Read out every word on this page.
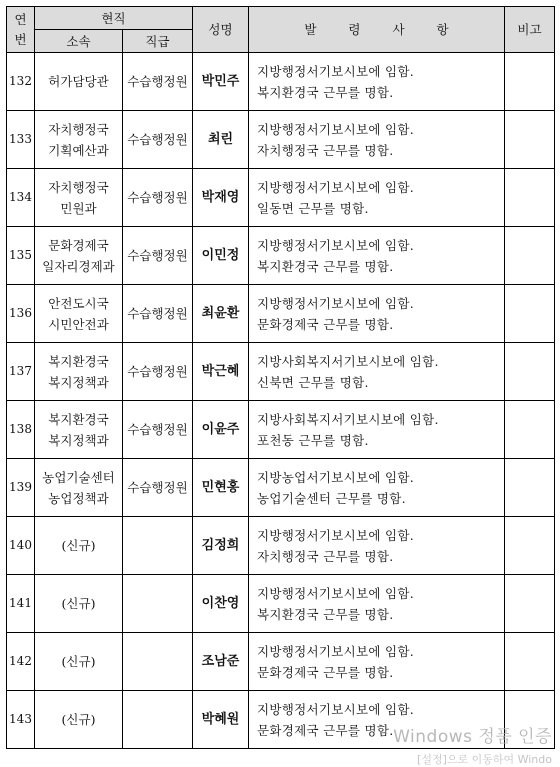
연
번	현직		성명	발 령 사 항	비고
	소속	직급			
132	허가담당관	수습행정원	박민주	지방행정서기보시보에 임함.
복지환경국 근무를 명함.	

133	자치행정국
기획예산과	수습행정원	최린	지방행정서기보시보에 임함.
자치행정국 근무를 명함.	

134	자치행정국
민원과	수습행정원	박재영	지방행정서기보시보에 임함.
일동면 근무를 명함.	

135	문화경제국
일자리경제과	수습행정원	이민정	지방행정서기보시보에 임함.
복지환경국 근무를 명함.	

136	안전도시국
시민안전과	수습행정원	최윤환	지방행정서기보시보에 임함.
문화경제국 근무를 명함.	

137	복지환경국
복지정책과	수습행정원	박근혜	지방사회복지서기보시보에 임함.
신북면 근무를 명함.	

138	복지환경국
복지정책과	수습행정원	이윤주	지방사회복지서기보시보에 임함.
포천동 근무를 명함.	

139	농업기술센터
농업정책과	수습행정원	민현홍	지방농업서기보시보에 임함.
농업기술센터 근무를 명함.	

140	(신규)		김정희	지방행정서기보시보에 임함.
자치행정국 근무를 명함.	

141	(신규)		이찬영	지방행정서기보시보에 임함.
복지환경국 근무를 명함.	

142	(신규)		조남준	지방행정서기보시보에 임함.
문화경제국 근무를 명함.	

143	(신규)		박혜원	지방행정서기보시보에 임함.
문화경제국 근무를 명함.	
	Windows 정품 인증
[설정]으로 이동하여 Windo
